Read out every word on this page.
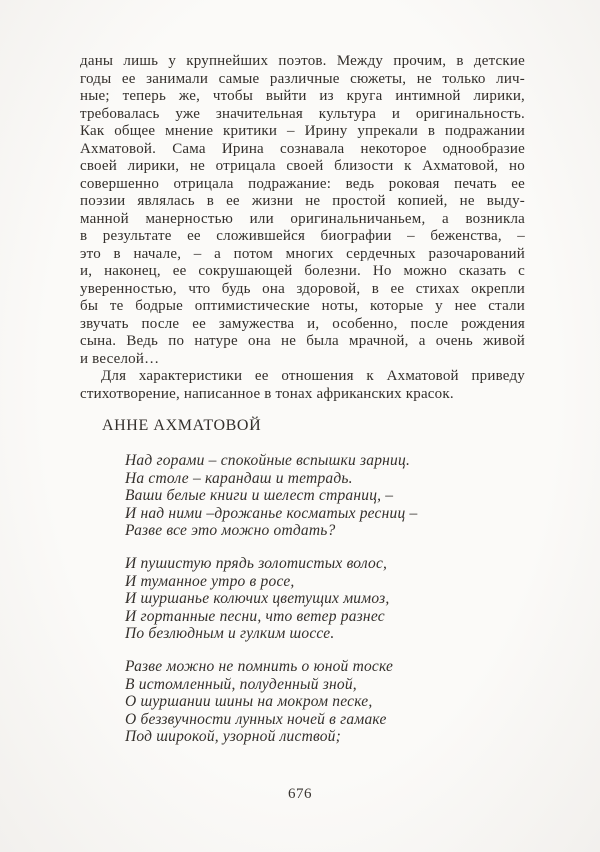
даны лишь у крупнейших поэтов. Между прочим, в детские
годы ее занимали самые различные сюжеты, не только лич-
ные; теперь же, чтобы выйти из круга интимной лирики,
требовалась уже значительная культура и оригинальность.
Как общее мнение критики – Ирину упрекали в подражании
Ахматовой. Сама Ирина сознавала некоторое однообразие
своей лирики, не отрицала своей близости к Ахматовой, но
совершенно отрицала подражание: ведь роковая печать ее
поэзии являлась в ее жизни не простой копией, не выду-
манной манерностью или оригинальничаньем, а возникла
в результате ее сложившейся биографии – беженства, –
это в начале, – а потом многих сердечных разочарований
и, наконец, ее сокрушающей болезни. Но можно сказать с
уверенностью, что будь она здоровой, в ее стихах окрепли
бы те бодрые оптимистические ноты, которые у нее стали
звучать после ее замужества и, особенно, после рождения
сына. Ведь по натуре она не была мрачной, а очень живой
и веселой…

Для характеристики ее отношения к Ахматовой приведу
стихотворение, написанное в тонах африканских красок.

АННЕ АХМАТОВОЙ
Над горами – спокойные вспышки зарниц.
На столе – карандаш и тетрадь.
Ваши белые книги и шелест страниц, –
И над ними –дрожанье косматых ресниц –
Разве все это можно отдать?
И пушистую прядь золотистых волос,
И туманное утро в росе,
И шуршанье колючих цветущих мимоз,
И гортанные песни, что ветер разнес
По безлюдным и гулким шоссе.
Разве можно не помнить о юной тоске
В истомленный, полуденный зной,
О шуршании шины на мокром песке,
О беззвучности лунных ночей в гамаке
Под широкой, узорной листвой;
676
